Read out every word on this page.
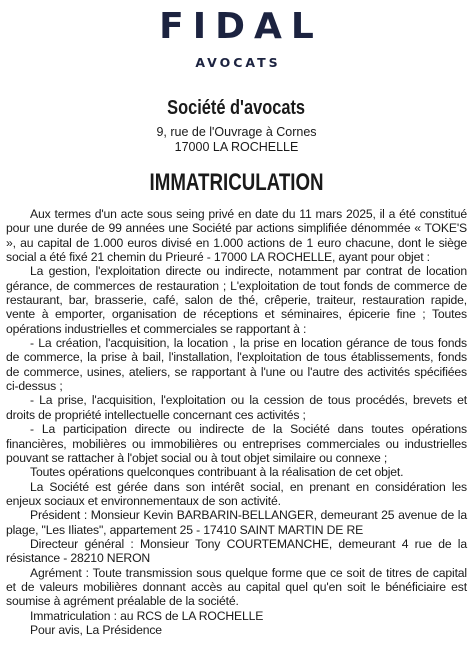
FIDAL
AVOCATS
Société d'avocats
9, rue de l'Ouvrage à Cornes
17000 LA ROCHELLE
IMMATRICULATION

Aux termes d'un acte sous seing privé en date du 11 mars 2025, il a été constitué pour une durée de 99 années une Société par actions simplifiée dénommée « TOKE'S », au capital de 1.000 euros divisé en 1.000 actions de 1 euro chacune, dont le siège social a été fixé 21 chemin du Prieuré - 17000 LA ROCHELLE, ayant pour objet :

La gestion, l'exploitation directe ou indirecte, notamment par contrat de location gérance, de commerces de restauration ; L'exploitation de tout fonds de commerce de restaurant, bar, brasserie, café, salon de thé, crêperie, traiteur, restauration rapide, vente à emporter, organisation de réceptions et séminaires, épicerie fine ; Toutes opérations industrielles et commerciales se rapportant à :

- La création, l'acquisition, la location , la prise en location gérance de tous fonds de commerce, la prise à bail, l'installation, l'exploitation de tous établissements, fonds de commerce, usines, ateliers, se rapportant à l'une ou l'autre des activités spécifiées ci-dessus ;

- La prise, l'acquisition, l'exploitation ou la cession de tous procédés, brevets et droits de propriété intellectuelle concernant ces activités ;

- La participation directe ou indirecte de la Société dans toutes opérations financières, mobilières ou immobilières ou entreprises commerciales ou industrielles pouvant se rattacher à l'objet social ou à tout objet similaire ou connexe ;

Toutes opérations quelconques contribuant à la réalisation de cet objet.

La Société est gérée dans son intérêt social, en prenant en considération les enjeux sociaux et environnementaux de son activité.

Président : Monsieur Kevin BARBARIN-BELLANGER, demeurant 25 avenue de la plage, "Les Iliates", appartement 25 - 17410 SAINT MARTIN DE RE

Directeur général : Monsieur Tony COURTEMANCHE, demeurant 4 rue de la résistance - 28210 NERON

Agrément : Toute transmission sous quelque forme que ce soit de titres de capital et de valeurs mobilières donnant accès au capital quel qu'en soit le bénéficiaire est soumise à agrément préalable de la société.

Immatriculation : au RCS de LA ROCHELLE

Pour avis, La Présidence
